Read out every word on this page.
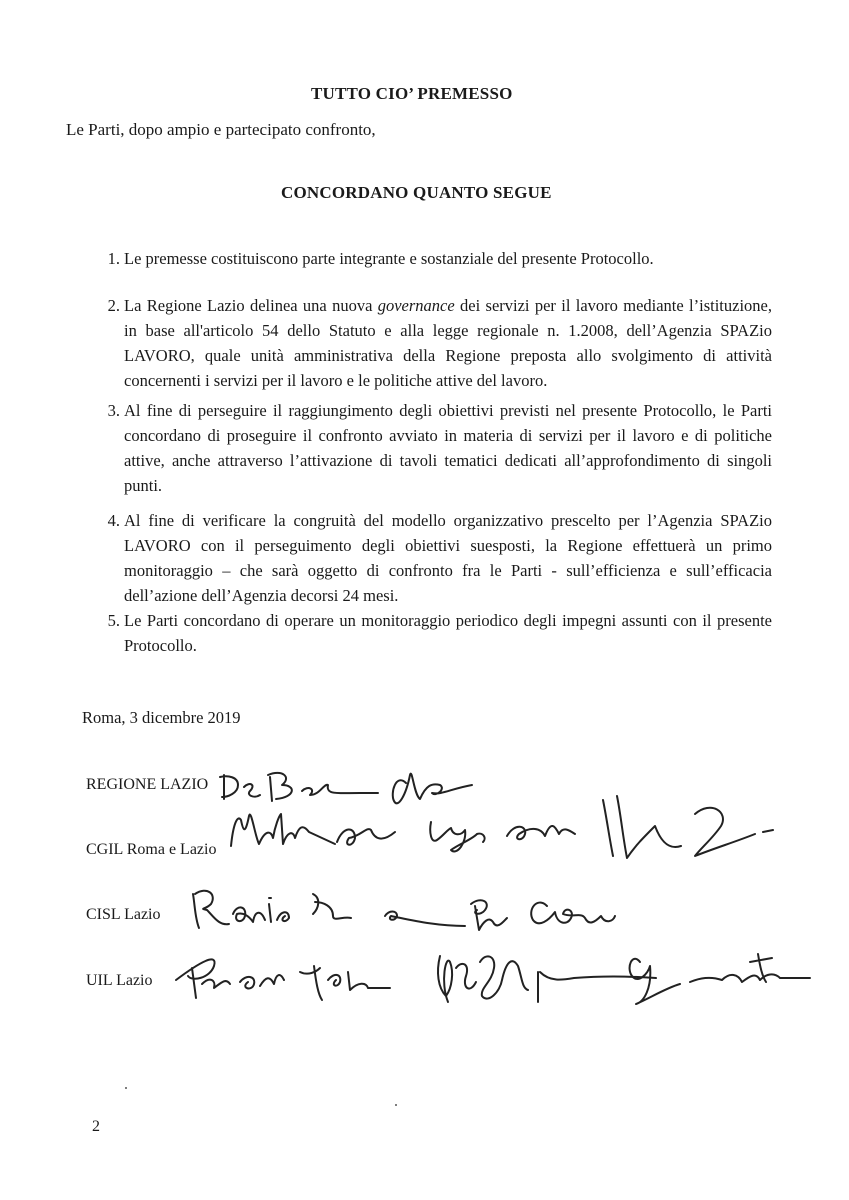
TUTTO CIO’ PREMESSO
Le Parti, dopo ampio e partecipato confronto,
CONCORDANO QUANTO SEGUE
1. Le premesse costituiscono parte integrante e sostanziale del presente Protocollo.
2. La Regione Lazio delinea una nuova governance dei servizi per il lavoro mediante l’istituzione, in base all'articolo 54 dello Statuto e alla legge regionale n. 1.2008, dell’Agenzia SPAZio LAVORO, quale unità amministrativa della Regione preposta allo svolgimento di attività concernenti i servizi per il lavoro e le politiche attive del lavoro.
3. Al fine di perseguire il raggiungimento degli obiettivi previsti nel presente Protocollo, le Parti concordano di proseguire il confronto avviato in materia di servizi per il lavoro e di politiche attive, anche attraverso l’attivazione di tavoli tematici dedicati all’approfondimento di singoli punti.
4. Al fine di verificare la congruità del modello organizzativo prescelto per l’Agenzia SPAZio LAVORO con il perseguimento degli obiettivi suesposti, la Regione effettuerà un primo monitoraggio – che sarà oggetto di confronto fra le Parti - sull’efficienza e sull’efficacia dell’azione dell’Agenzia decorsi 24 mesi.
5. Le Parti concordano di operare un monitoraggio periodico degli impegni assunti con il presente Protocollo.
Roma, 3 dicembre 2019
REGIONE LAZIO
CGIL Roma e Lazio
CISL Lazio
UIL Lazio
2
